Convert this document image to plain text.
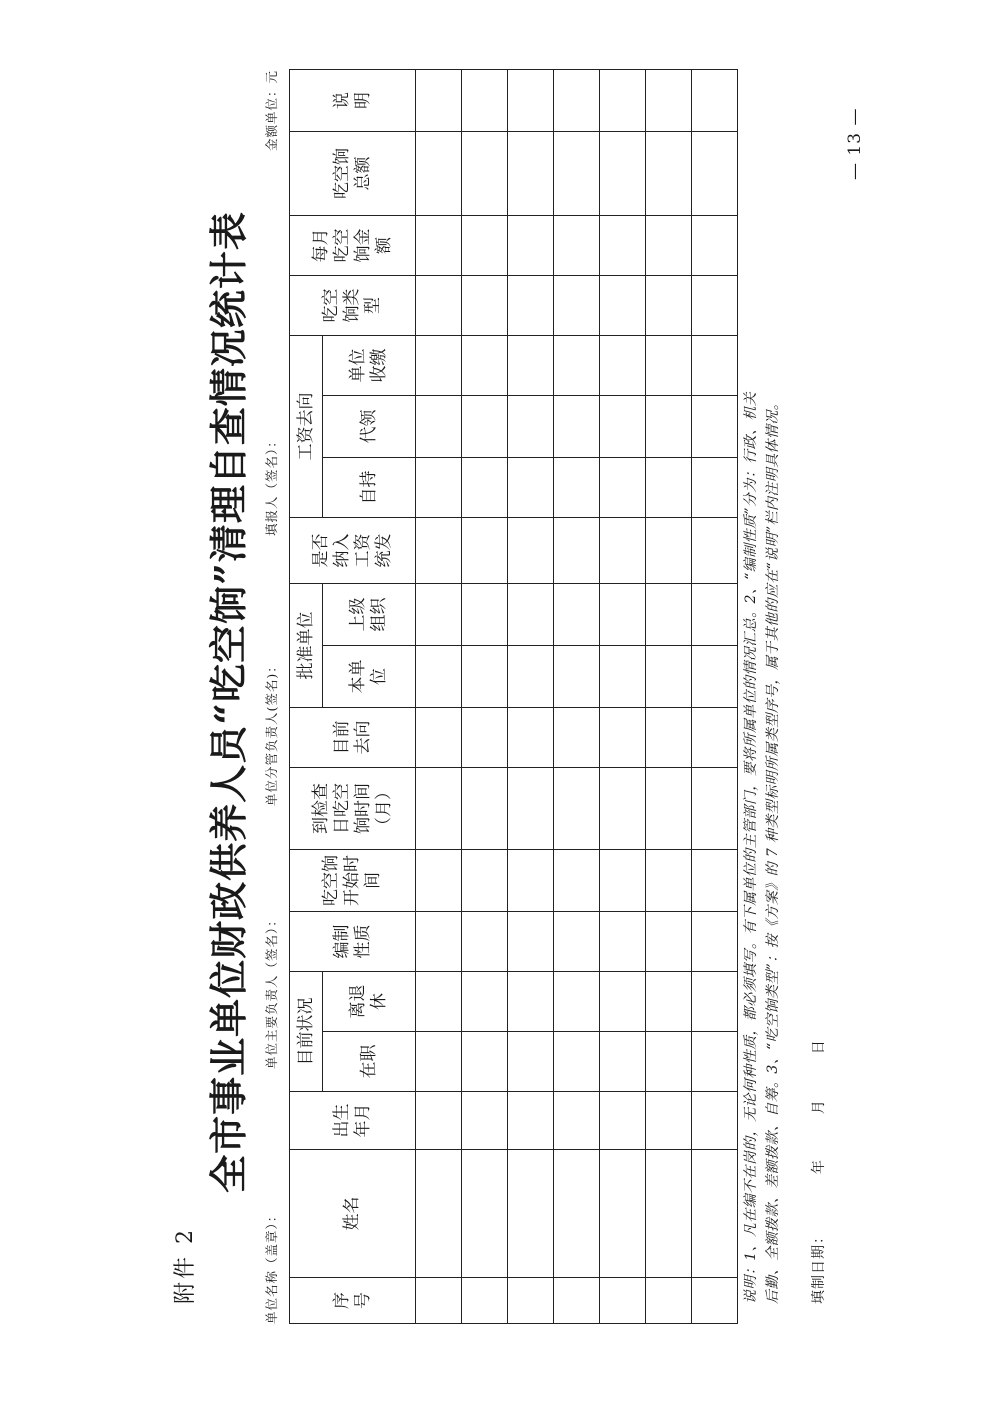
附件 2
全市事业单位财政供养人员“吃空饷”清理自查情况统计表
单位名称（盖章）：
单位主要负责人（签名）：
单位分管负责人(签名)：
填报人（签名）：
金额单位：元
序号	姓名	出生年月	目前状况		编制性质	吃空饷开始时间	到检查日吃空饷时间（月）	目前去向	批准单位		是否纳入工资统发	工资去向			吃空饷类型	每月吃空饷金额	吃空饷总额	说明

			在职	离退休					本单位	上级组织		自持	代领	单位收缴				

说明：1、凡在编不在岗的，无论何种性质，都必须填写。有下属单位的主管部门，要将所属单位的情况汇总。2、“编制性质”分为：行政、机关 后勤、全额拨款、差额拨款、自筹。3、“吃空饷类型”：按《方案》的 7 种类型标明所属类型序号，属于其他的应在“说明”栏内注明具体情况。 填制日期：  年  月  日
— 13 —
